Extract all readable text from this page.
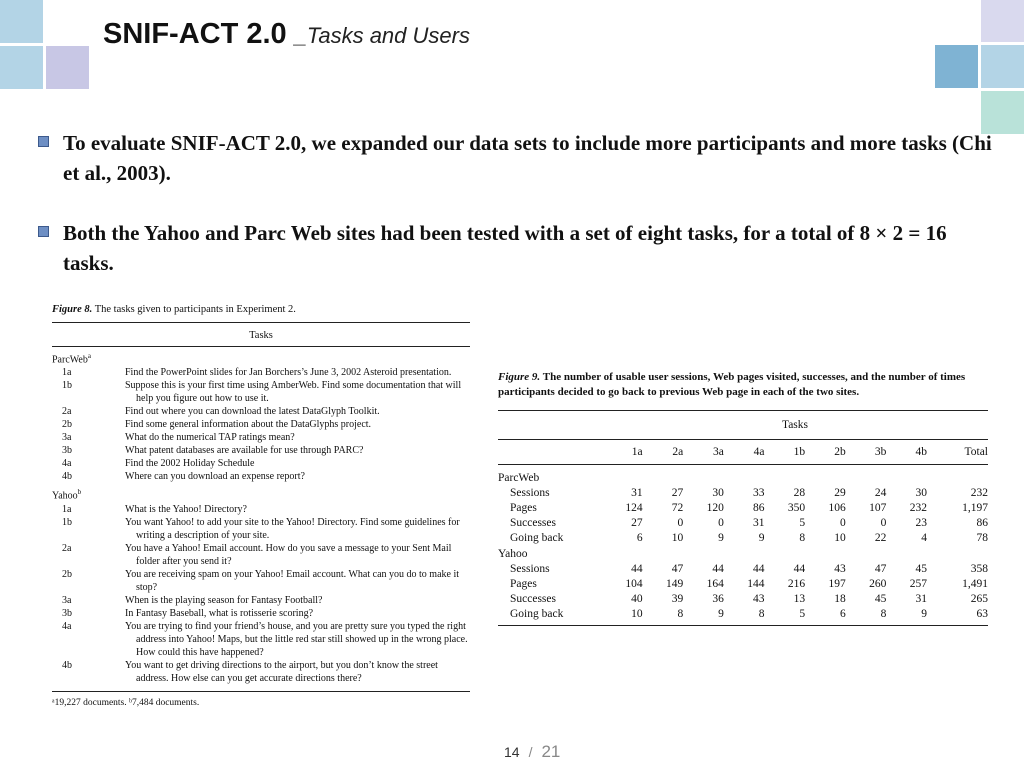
SNIF-ACT 2.0 _Tasks and Users
To evaluate SNIF-ACT 2.0, we expanded our data sets to include more participants and more tasks (Chi et al., 2003).
Both the Yahoo and Parc Web sites had been tested with a set of eight tasks, for a total of 8 × 2 = 16 tasks.
Figure 8. The tasks given to participants in Experiment 2.
Tasks	
ParcWeb$^a$
1a	Find the PowerPoint slides for Jan Borchers’s June 3, 2002 Asteroid presentation.

1b	Suppose this is your first time using AmberWeb. Find some documentation that will help you figure out how to use it.

2a	Find out where you can download the latest DataGlyph Toolkit.

2b	Find some general information about the DataGlyphs project.

3a	What do the numerical TAP ratings mean?

3b	What patent databases are available for use through PARC?

4a	Find the 2002 Holiday Schedule

4b	Where can you download an expense report?

Yahoo$^b$
1a	What is the Yahoo! Directory?

1b	You want Yahoo! to add your site to the Yahoo! Directory. Find some guidelines for writing a description of your site.

2a	You have a Yahoo! Email account. How do you save a message to your Sent Mail folder after you send it?

2b	You are receiving spam on your Yahoo! Email account. What can you do to make it stop?

3a	When is the playing season for Fantasy Football?

3b	In Fantasy Baseball, what is rotisserie scoring?

4a	You are trying to find your friend’s house, and you are pretty sure you typed the right address into Yahoo! Maps, but the little red star still showed up in the wrong place. How could this have happened?

4b	You want to get driving directions to the airport, but you don’t know the street address. How else can you get accurate directions there?

ᵃ19,227 documents. ᵇ7,484 documents.
Figure 9. The number of usable user sessions, Web pages visited, successes, and the number of times participants decided to go back to previous Web page in each of the two sites.
	Tasks								
	1a	2a	3a	4a	1b	2b	3b	4b	Total
ParcWeb									
Sessions	31	27	30	33	28	29	24	30	232
Pages	124	72	120	86	350	106	107	232	1,197
Successes	27	0	0	31	5	0	0	23	86
Going back	6	10	9	9	8	10	22	4	78
Yahoo									
Sessions	44	47	44	44	44	43	47	45	358
Pages	104	149	164	144	216	197	260	257	1,491
Successes	40	39	36	43	13	18	45	31	265
Going back	10	8	9	8	5	6	8	9	63
14 / 21
